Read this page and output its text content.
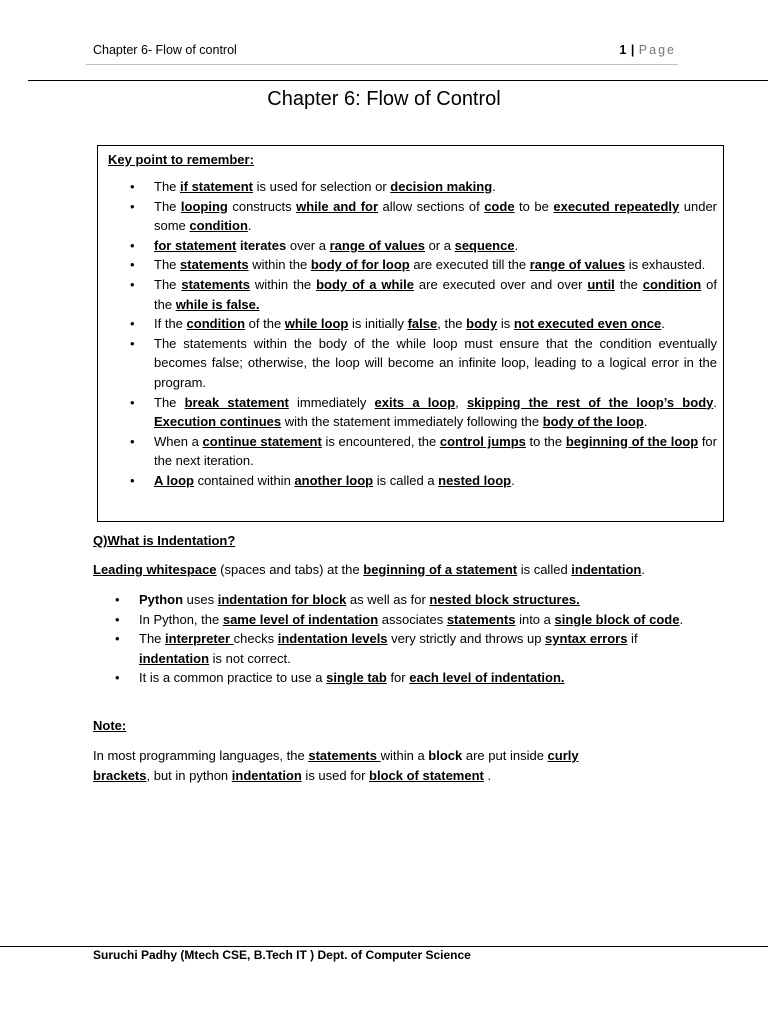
Chapter 6- Flow of control	1 | Page
Chapter 6: Flow of Control
Key point to remember:
• The if statement is used for selection or decision making.
• The looping constructs while and for allow sections of code to be executed repeatedly under some condition.
• for statement iterates over a range of values or a sequence.
• The statements within the body of for loop are executed till the range of values is exhausted.
• The statements within the body of a while are executed over and over until the condition of the while is false.
• If the condition of the while loop is initially false, the body is not executed even once.
• The statements within the body of the while loop must ensure that the condition eventually becomes false; otherwise, the loop will become an infinite loop, leading to a logical error in the program.
• The break statement immediately exits a loop, skipping the rest of the loop’s body. Execution continues with the statement immediately following the body of the loop.
• When a continue statement is encountered, the control jumps to the beginning of the loop for the next iteration.
• A loop contained within another loop is called a nested loop.
Q)What is Indentation?
Leading whitespace (spaces and tabs) at the beginning of a statement is called indentation.
• Python uses indentation for block as well as for nested block structures.
• In Python, the same level of indentation associates statements into a single block of code.
• The interpreter checks indentation levels very strictly and throws up syntax errors if indentation is not correct.
• It is a common practice to use a single tab for each level of indentation.
Note:
In most programming languages, the statements within a block are put inside curly brackets, but in python indentation is used for block of statement .
Suruchi Padhy (Mtech CSE, B.Tech IT ) Dept. of Computer Science
